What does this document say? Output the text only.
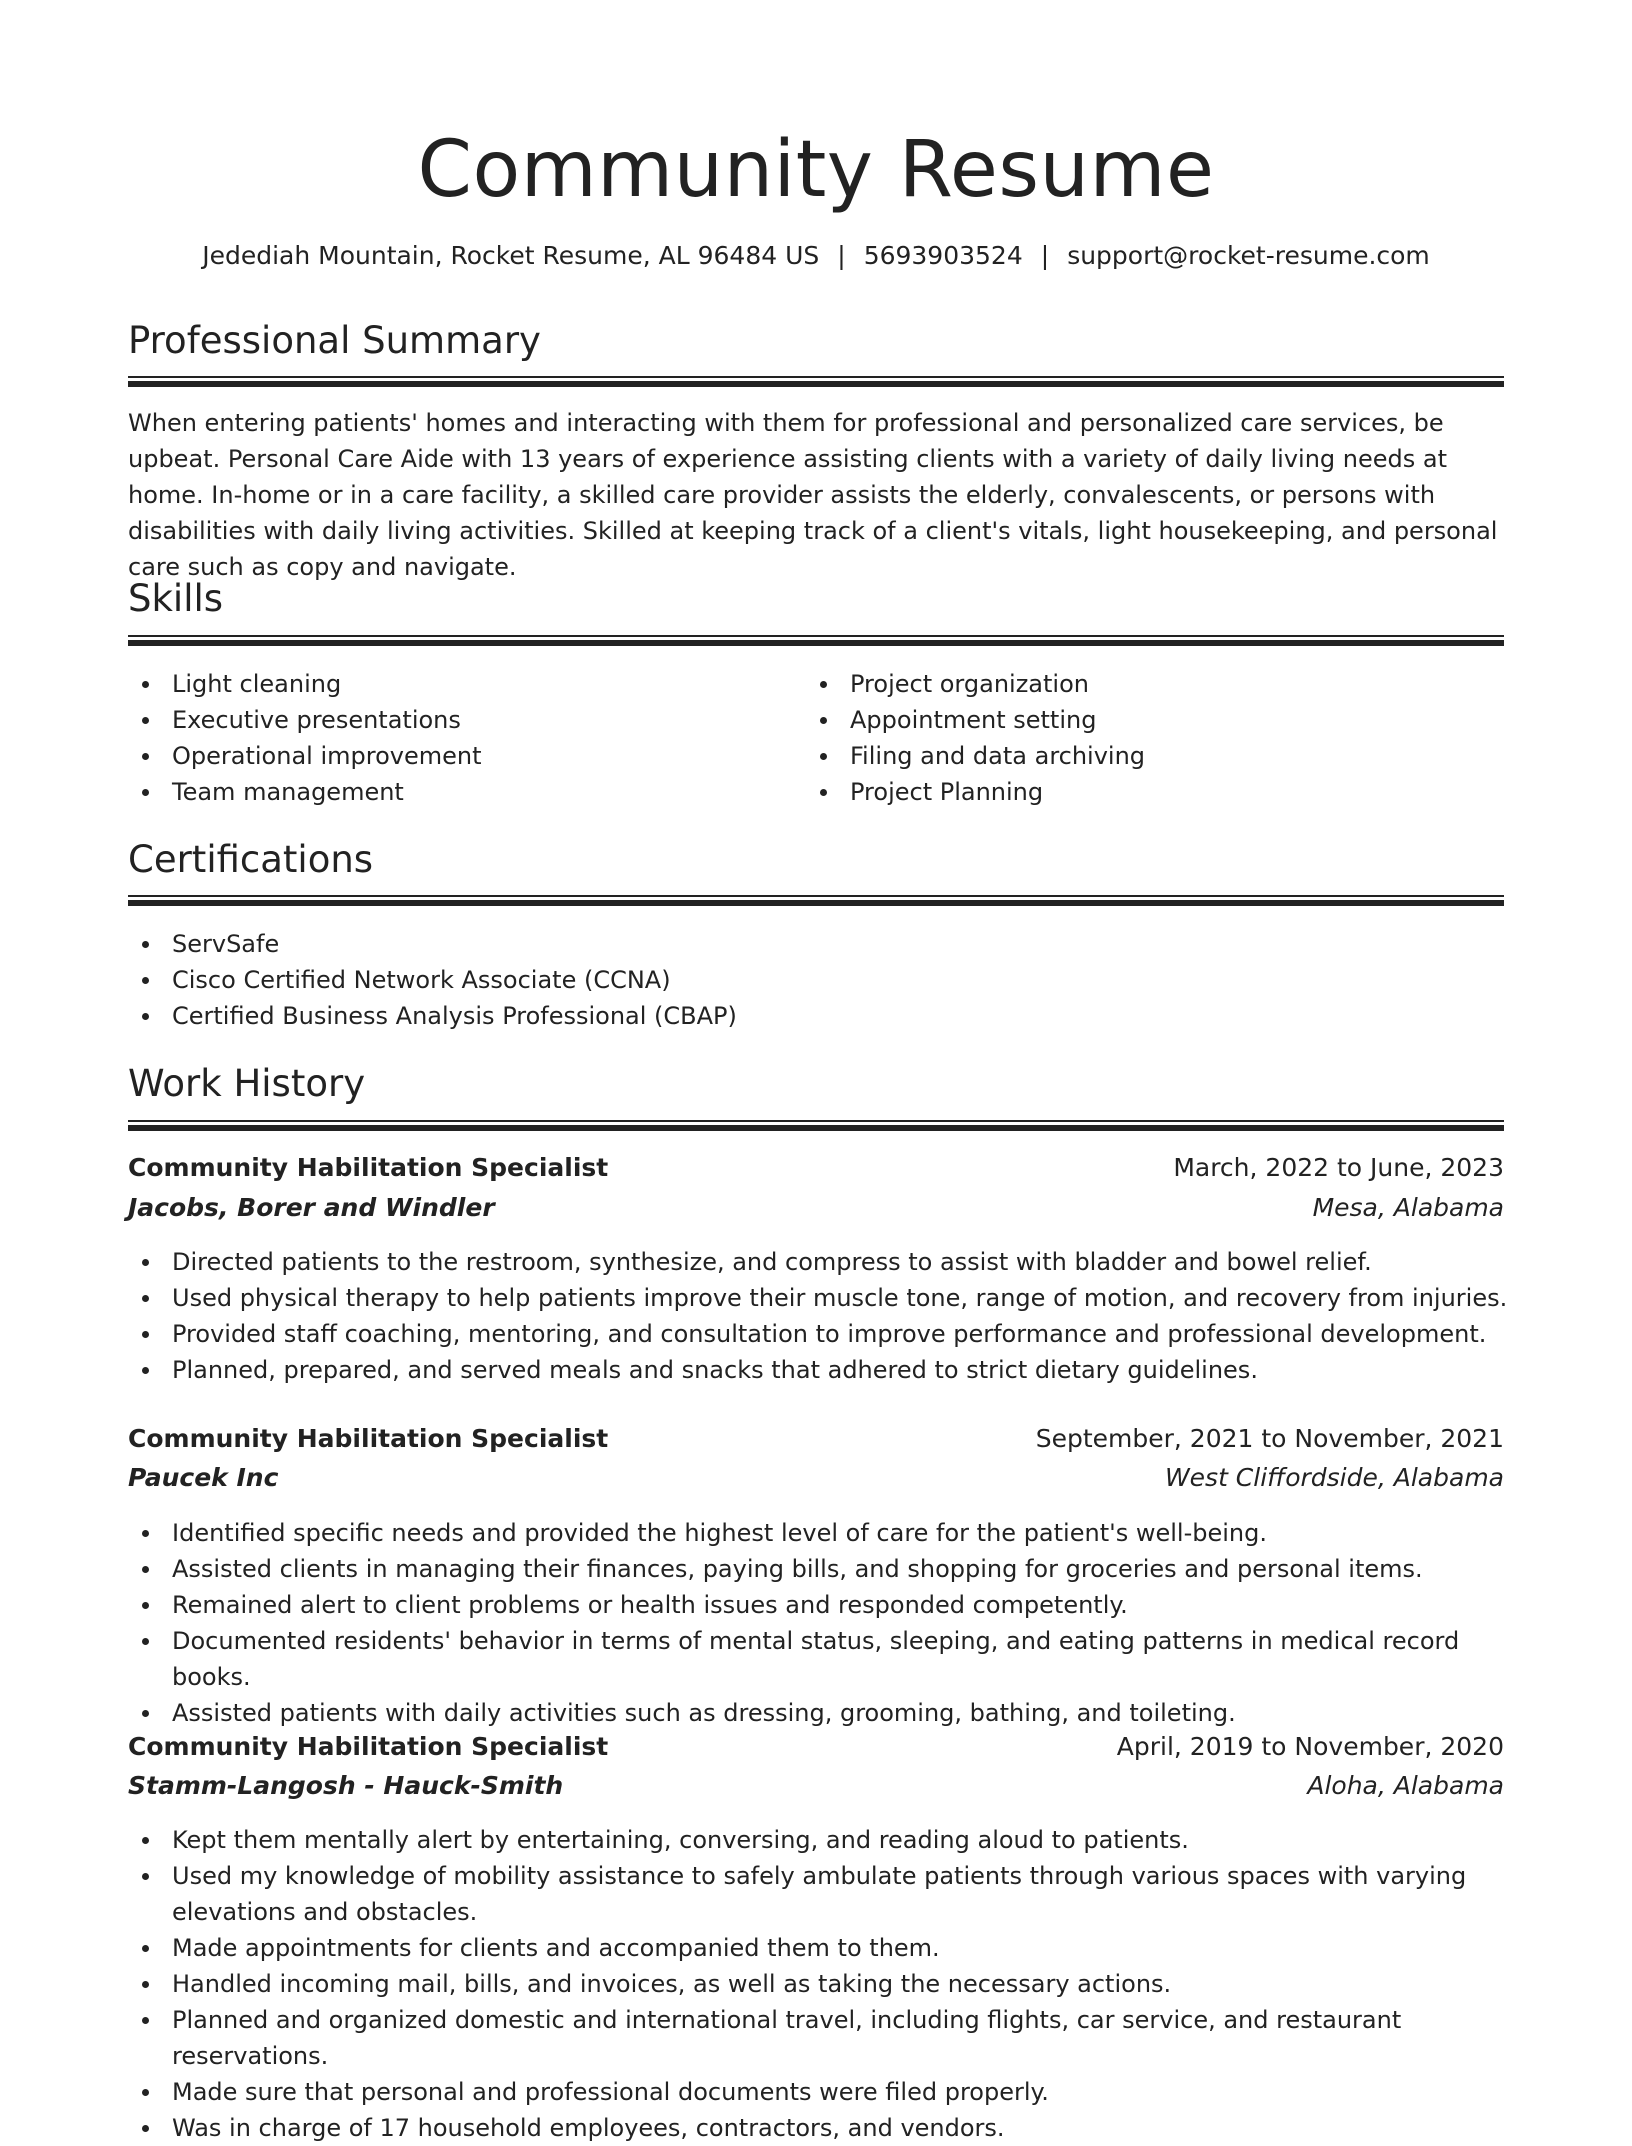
Community Resume
Jedediah Mountain, Rocket Resume, AL 96484 US | 5693903524 | support@rocket-resume.com
Professional Summary

When entering patients' homes and interacting with them for professional and personalized care services, be upbeat. Personal Care Aide with 13 years of experience assisting clients with a variety of daily living needs at home. In-home or in a care facility, a skilled care provider assists the elderly, convalescents, or persons with disabilities with daily living activities. Skilled at keeping track of a client's vitals, light housekeeping, and personal care such as copy and navigate.

Skills
Light cleaning
Executive presentations
Operational improvement
Team management
Project organization
Appointment setting
Filing and data archiving
Project Planning
Certifications
ServSafe
Cisco Certified Network Associate (CCNA)
Certified Business Analysis Professional (CBAP)
Work History
Community Habilitation Specialist	March, 2022 to June, 2023
Jacobs, Borer and Windler	Mesa, Alabama
Directed patients to the restroom, synthesize, and compress to assist with bladder and bowel relief.
Used physical therapy to help patients improve their muscle tone, range of motion, and recovery from injuries.
Provided staff coaching, mentoring, and consultation to improve performance and professional development.
Planned, prepared, and served meals and snacks that adhered to strict dietary guidelines.
Community Habilitation Specialist	September, 2021 to November, 2021
Paucek Inc	West Cliffordside, Alabama
Identified specific needs and provided the highest level of care for the patient's well-being.
Assisted clients in managing their finances, paying bills, and shopping for groceries and personal items.
Remained alert to client problems or health issues and responded competently.
Documented residents' behavior in terms of mental status, sleeping, and eating patterns in medical record books.
Assisted patients with daily activities such as dressing, grooming, bathing, and toileting.
Community Habilitation Specialist	April, 2019 to November, 2020
Stamm-Langosh - Hauck-Smith	Aloha, Alabama
Kept them mentally alert by entertaining, conversing, and reading aloud to patients.
Used my knowledge of mobility assistance to safely ambulate patients through various spaces with varying elevations and obstacles.
Made appointments for clients and accompanied them to them.
Handled incoming mail, bills, and invoices, as well as taking the necessary actions.
Planned and organized domestic and international travel, including flights, car service, and restaurant reservations.
Made sure that personal and professional documents were filed properly.
Was in charge of 17 household employees, contractors, and vendors.
